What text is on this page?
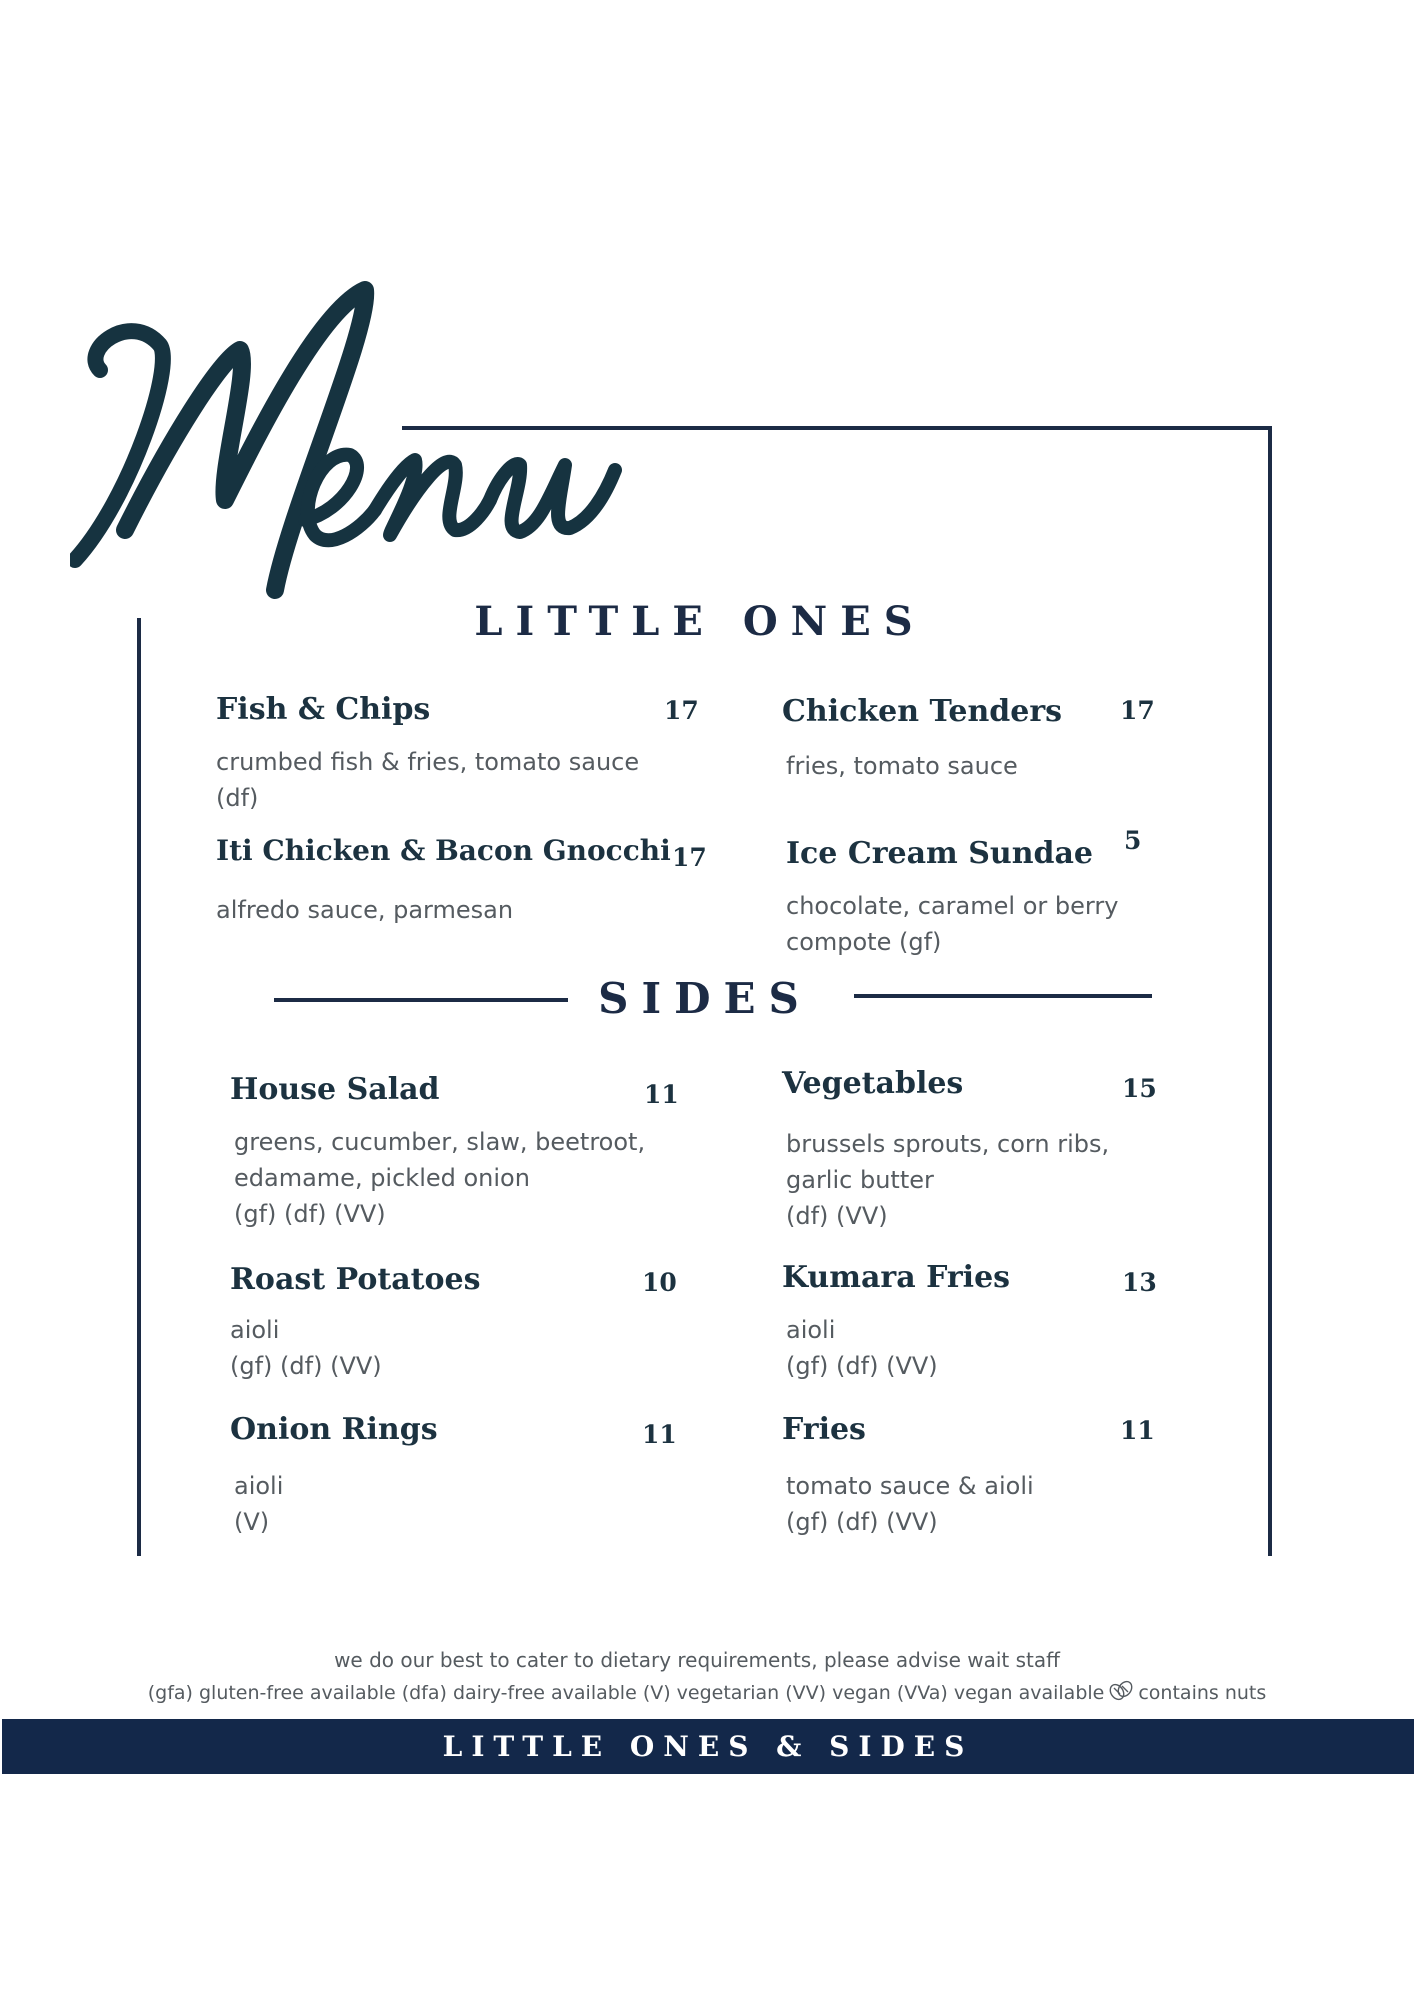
LITTLE ONES
Fish & Chips	17
crumbed fish & fries, tomato sauce
(df)
Chicken Tenders 17
fries, tomato sauce
Iti Chicken & Bacon Gnocchi 17
alfredo sauce, parmesan
Ice Cream Sundae 5
chocolate, caramel or berry
compote (gf)
SIDES
House Salad	11
greens, cucumber, slaw, beetroot,
edamame, pickled onion
(gf) (df) (VV)
Vegetables	15
brussels sprouts, corn ribs,
garlic butter
(df) (VV)
Roast Potatoes	10
aioli
(gf) (df) (VV)
Kumara Fries	13
aioli
(gf) (df) (VV)
Onion Rings	11
aioli
(V)
Fries	11
tomato sauce & aioli
(gf) (df) (VV)
we do our best to cater to dietary requirements, please advise wait staff
(gfa) gluten-free available (dfa) dairy-free available (V) vegetarian (VV) vegan (VVa) vegan available contains nuts
LITTLE ONES & SIDES
